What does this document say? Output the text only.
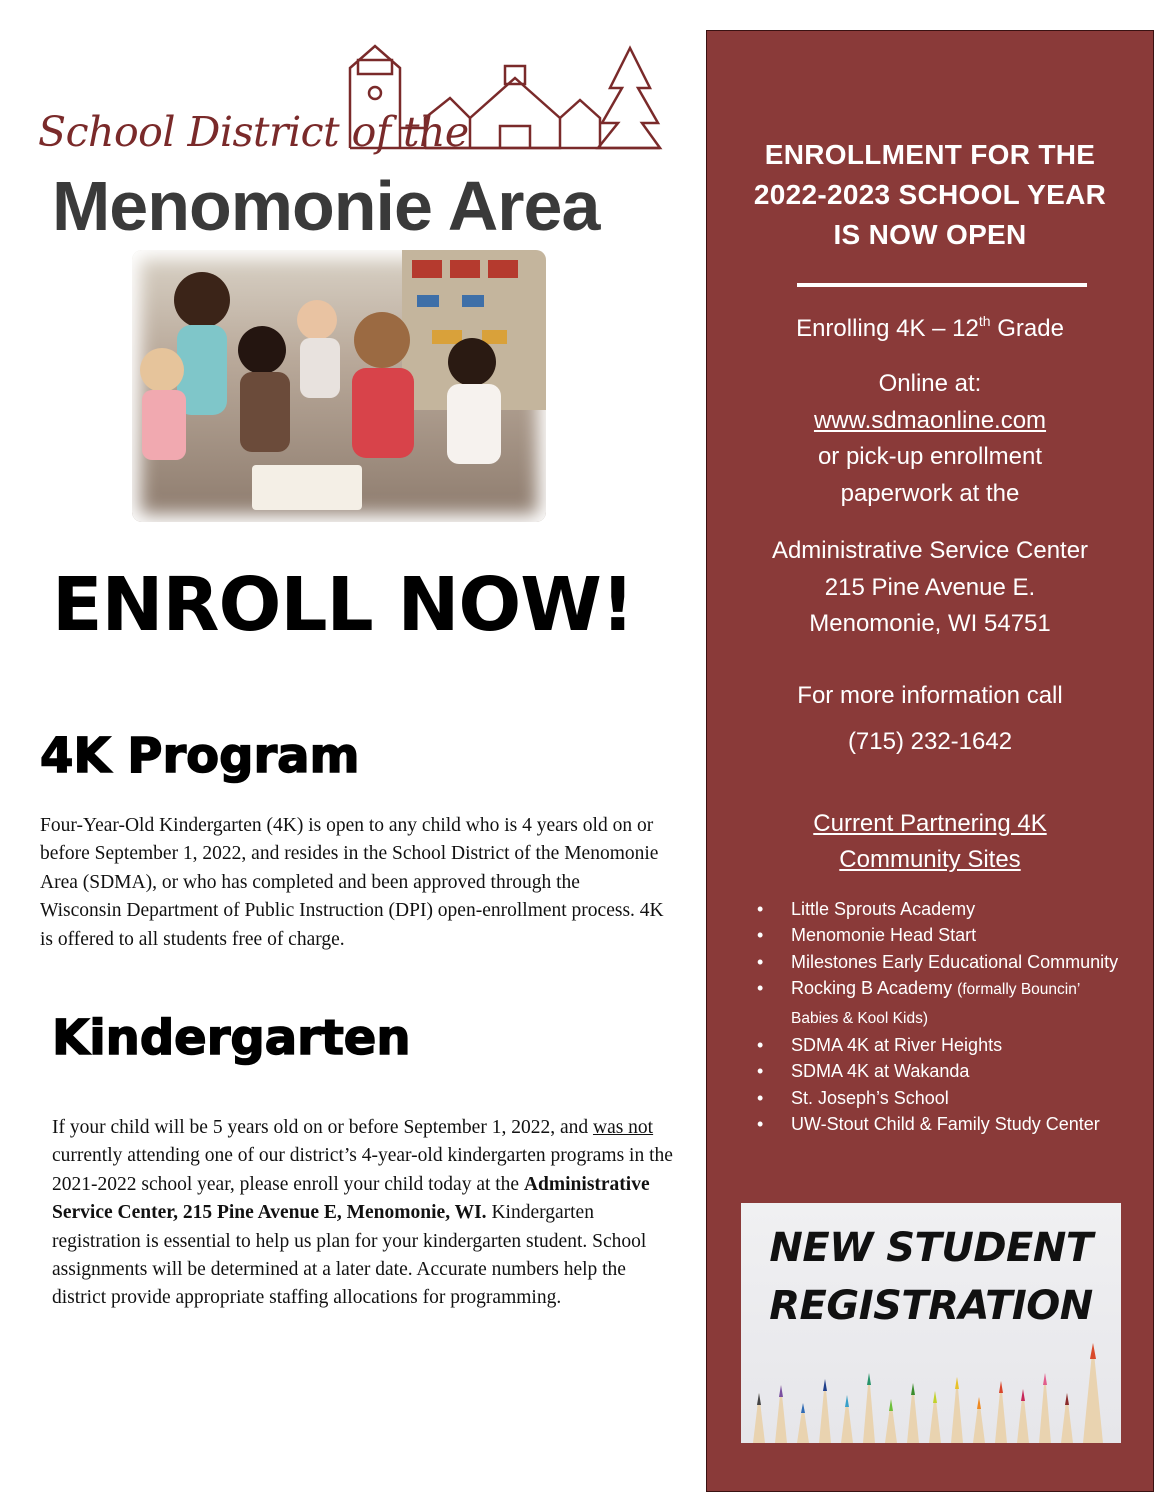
School District of the
Menomonie Area
ENROLL NOW!
4K Program
Four-Year-Old Kindergarten (4K) is open to any child who is 4 years old on or before September 1, 2022, and resides in the School District of the Menomonie Area (SDMA), or who has completed and been approved through the Wisconsin Department of Public Instruction (DPI) open-enrollment process. 4K is offered to all students free of charge.
Kindergarten
If your child will be 5 years old on or before September 1, 2022, and was not currently attending one of our district’s 4-year-old kindergarten programs in the 2021-2022 school year, please enroll your child today at the Administrative Service Center, 215 Pine Avenue E, Menomonie, WI. Kindergarten registration is essential to help us plan for your kindergarten student. School assignments will be determined at a later date. Accurate numbers help the district provide appropriate staffing allocations for programming.
ENROLLMENT FOR THE
2022-2023 SCHOOL YEAR
IS NOW OPEN
Enrolling 4K – 12th Grade
Online at:
www.sdmaonline.com
or pick-up enrollment
paperwork at the
Administrative Service Center
215 Pine Avenue E.
Menomonie, WI 54751
For more information call
(715) 232-1642
Current Partnering 4K
Community Sites
• Little Sprouts Academy
• Menomonie Head Start
• Milestones Early Educational Community
• Rocking B Academy (formally Bouncin’
Babies & Kool Kids)
• SDMA 4K at River Heights
• SDMA 4K at Wakanda
• St. Joseph’s School
• UW-Stout Child & Family Study Center
NEW STUDENT
REGISTRATION
